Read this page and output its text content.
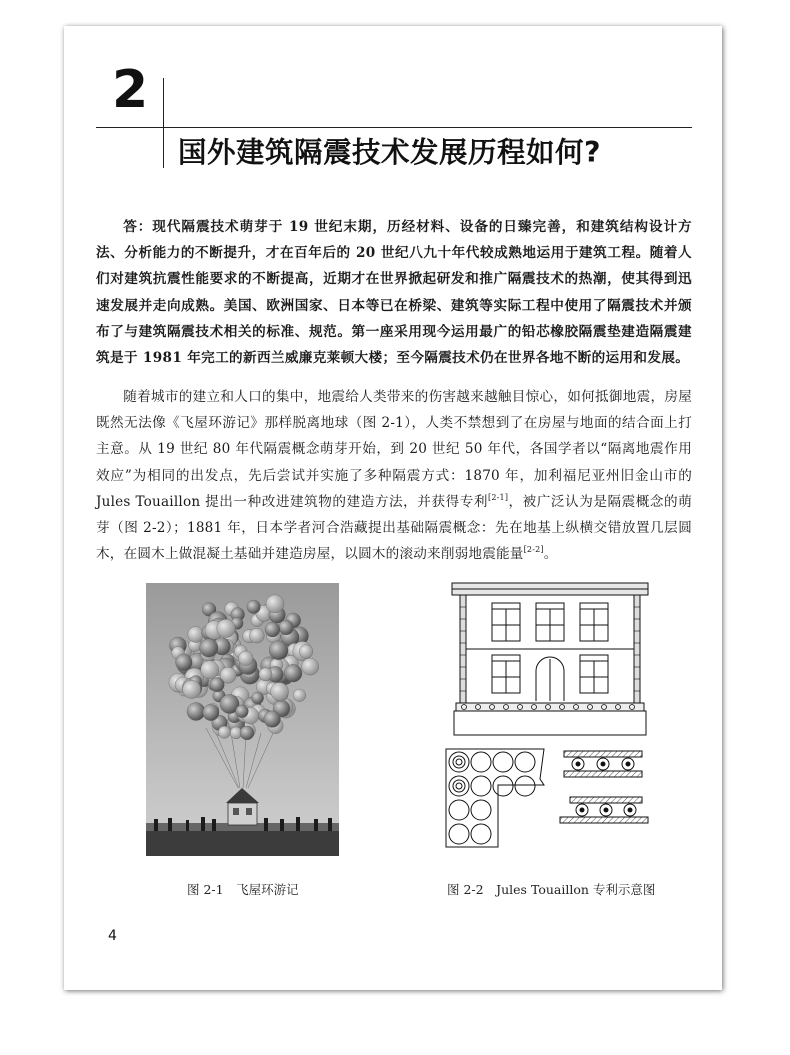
2
国外建筑隔震技术发展历程如何?

答：现代隔震技术萌芽于 19 世纪末期，历经材料、设备的日臻完善，和建筑结构设计方法、分析能力的不断提升，才在百年后的 20 世纪八九十年代较成熟地运用于建筑工程。随着人们对建筑抗震性能要求的不断提高，近期才在世界掀起研发和推广隔震技术的热潮，使其得到迅速发展并走向成熟。美国、欧洲国家、日本等已在桥梁、建筑等实际工程中使用了隔震技术并颁布了与建筑隔震技术相关的标准、规范。第一座采用现今运用最广的铅芯橡胶隔震垫建造隔震建筑是于 1981 年完工的新西兰威廉克莱顿大楼；至今隔震技术仍在世界各地不断的运用和发展。

随着城市的建立和人口的集中，地震给人类带来的伤害越来越触目惊心，如何抵御地震，房屋既然无法像《飞屋环游记》那样脱离地球（图 2-1），人类不禁想到了在房屋与地面的结合面上打主意。从 19 世纪 80 年代隔震概念萌芽开始，到 20 世纪 50 年代，各国学者以“隔离地震作用效应”为相同的出发点，先后尝试并实施了多种隔震方式：1870 年，加利福尼亚州旧金山市的 Jules Touaillon 提出一种改进建筑物的建造方法，并获得专利[2-1]，被广泛认为是隔震概念的萌芽（图 2-2）；1881 年，日本学者河合浩藏提出基础隔震概念：先在地基上纵横交错放置几层圆木，在圆木上做混凝土基础并建造房屋，以圆木的滚动来削弱地震能量[2-2]。

图 2-1　飞屋环游记	图 2-2　Jules Touaillon 专利示意图
4
